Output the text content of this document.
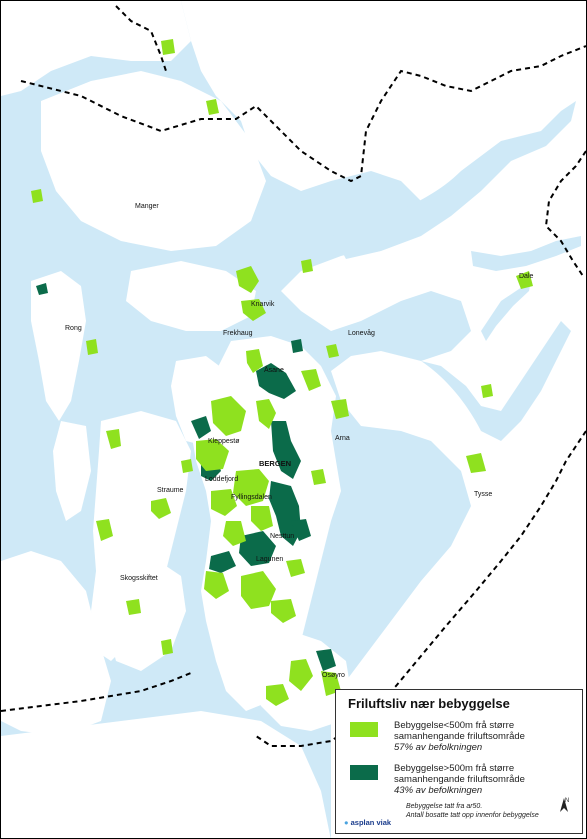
Manger
Knarvik
Dale
Frekhaug	Lonevåg
Rong
Åsane
Arna
Kleppestø
BERGEN
Loddefjord
Fyllingsdalen
Straume
Tysse
Nesttun
Lagunen
Skogsskiftet
Osøyro
Friluftsliv nær bebyggelse
Bebyggelse<500m frå større
samanhengande friluftsområde
57% av befolkningen
Bebyggelse>500m frå større
samanhengande friluftsområde
43% av befolkningen
Bebyggelse tatt fra ar50.
Antall bosatte tatt opp innenfor bebyggelse
● asplan viak
N
